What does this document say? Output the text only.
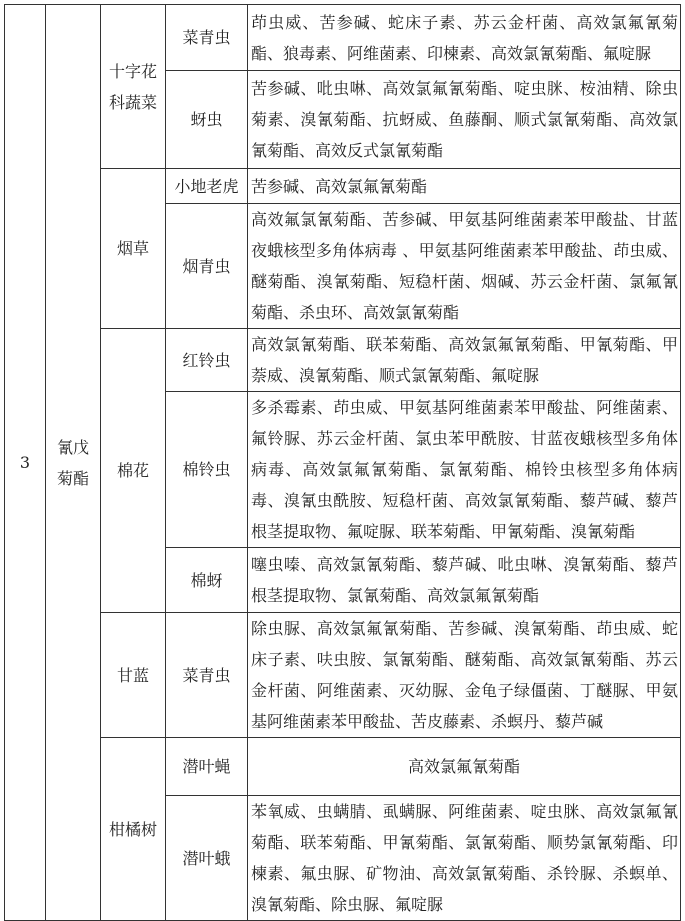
3	氰戊菊酯	十字花科蔬菜	菜青虫	茚虫威、苦参碱、蛇床子素、苏云金杆菌、高效氯氟氰菊酯、狼毒素、阿维菌素、印楝素、高效氯氰菊酯、氟啶脲
			蚜虫	苦参碱、吡虫啉、高效氯氟氰菊酯、啶虫脒、桉油精、除虫菊素、溴氰菊酯、抗蚜威、鱼藤酮、顺式氯氰菊酯、高效氯氰菊酯、高效反式氯氰菊酯
		烟草	小地老虎	苦参碱、高效氯氟氰菊酯
			烟青虫	高效氟氯氰菊酯、苦参碱、甲氨基阿维菌素苯甲酸盐、甘蓝夜蛾核型多角体病毒 、甲氨基阿维菌素苯甲酸盐、茚虫威、醚菊酯、溴氰菊酯、短稳杆菌、烟碱、苏云金杆菌、氯氟氰菊酯、杀虫环、高效氯氰菊酯
		棉花	红铃虫	高效氯氰菊酯、联苯菊酯、高效氯氟氰菊酯、甲氰菊酯、甲萘威、溴氰菊酯、顺式氯氰菊酯、氟啶脲
			棉铃虫	多杀霉素、茚虫威、甲氨基阿维菌素苯甲酸盐、阿维菌素、氟铃脲、苏云金杆菌、氯虫苯甲酰胺、甘蓝夜蛾核型多角体病毒、高效氯氟氰菊酯、氯氰菊酯、棉铃虫核型多角体病毒、溴氰虫酰胺、短稳杆菌、高效氯氰菊酯、藜芦碱、藜芦根茎提取物、氟啶脲、联苯菊酯、甲氰菊酯、溴氰菊酯
			棉蚜	噻虫嗪、高效氯氰菊酯、藜芦碱、吡虫啉、溴氰菊酯、藜芦根茎提取物、氯氰菊酯、高效氯氟氰菊酯
		甘蓝	菜青虫	除虫脲、高效氯氟氰菊酯、苦参碱、溴氰菊酯、茚虫威、蛇床子素、呋虫胺、氯氰菊酯、醚菊酯、高效氯氰菊酯、苏云金杆菌、阿维菌素、灭幼脲、金龟子绿僵菌、丁醚脲、甲氨基阿维菌素苯甲酸盐、苦皮藤素、杀螟丹、藜芦碱
		柑橘树	潜叶蝇	高效氯氟氰菊酯
			潜叶蛾	苯氧威、虫螨腈、虱螨脲、阿维菌素、啶虫脒、高效氯氟氰菊酯、联苯菊酯、甲氰菊酯、氯氰菊酯、顺势氯氰菊酯、印楝素、氟虫脲、矿物油、高效氯氰菊酯、杀铃脲、杀螟单、溴氰菊酯、除虫脲、氟啶脲
